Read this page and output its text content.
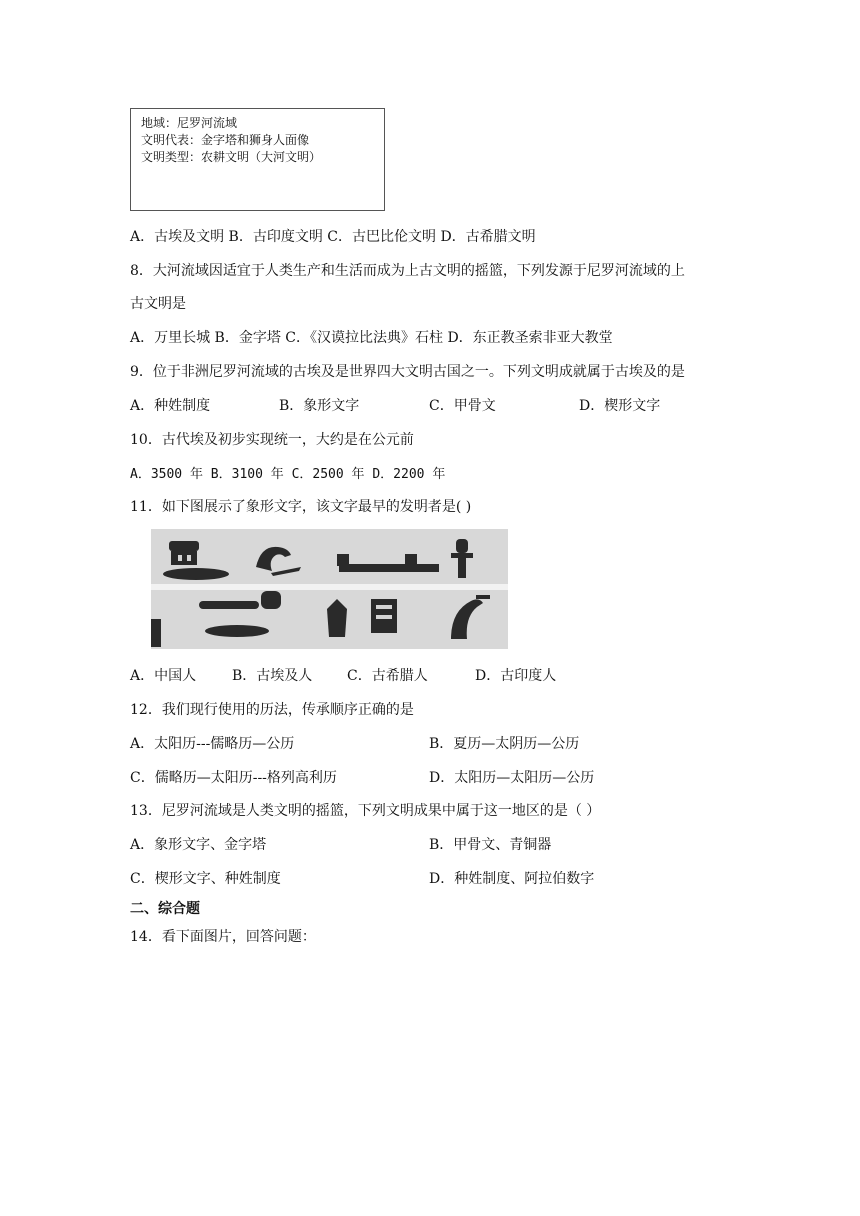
地域：尼罗河流域
文明代表：金字塔和狮身人面像
文明类型：农耕文明（大河文明）
A．古埃及文明 B．古印度文明 C．古巴比伦文明 D．古希腊文明
8．大河流域因适宜于人类生产和生活而成为上古文明的摇篮，下列发源于尼罗河流域的上
古文明是
A．万里长城 B．金字塔 C．《汉谟拉比法典》石柱 D．东正教圣索非亚大教堂
9．位于非洲尼罗河流域的古埃及是世界四大文明古国之一。下列文明成就属于古埃及的是
A．种姓制度	B．象形文字	C．甲骨文	D．楔形文字
10．古代埃及初步实现统一，大约是在公元前
A．3500 年 B．3100 年 C．2500 年 D．2200 年
11．如下图展示了象形文字，该文字最早的发明者是( )
A．中国人	B．古埃及人 C．古希腊人	D．古印度人
12．我们现行使用的历法，传承顺序正确的是
A．太阳历---儒略历—公历	B．夏历—太阴历—公历
C．儒略历—太阳历---格列高利历	D．太阳历—太阳历—公历
13．尼罗河流域是人类文明的摇篮，下列文明成果中属于这一地区的是（ ）
A．象形文字、金字塔	B．甲骨文、青铜器
C．楔形文字、种姓制度	D．种姓制度、阿拉伯数字
二、综合题
14．看下面图片，回答问题：
